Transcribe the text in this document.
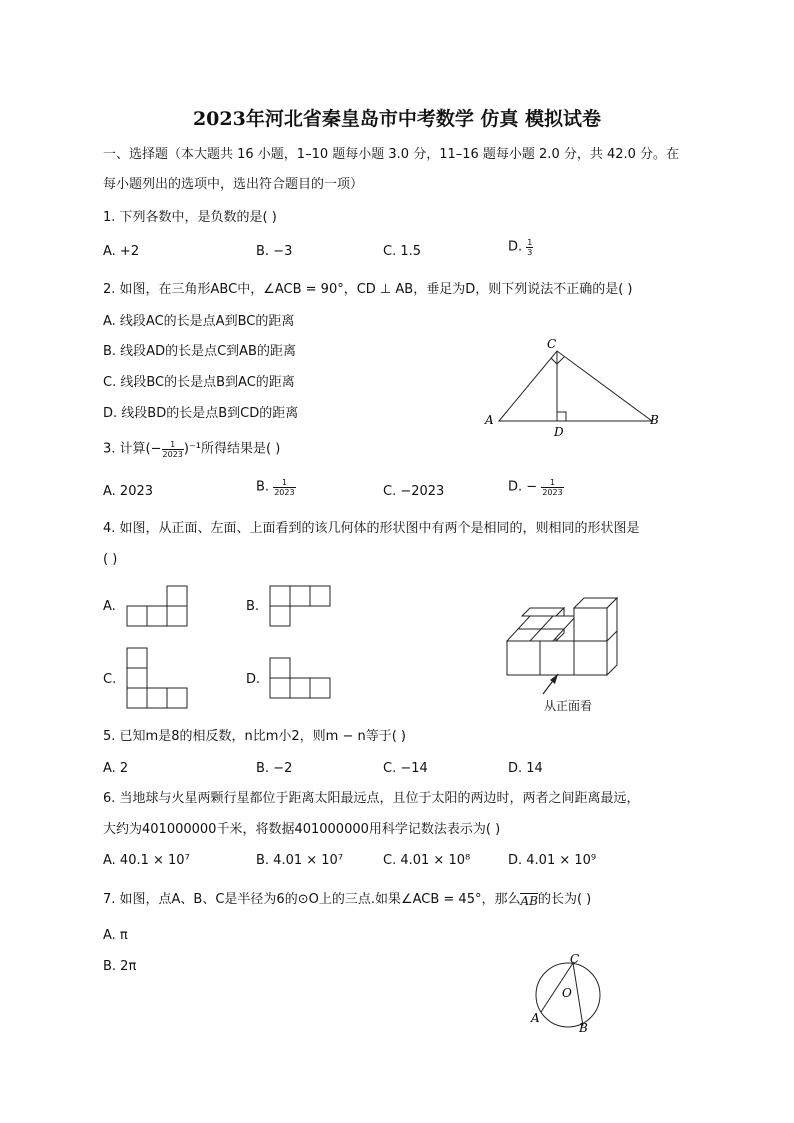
2023年河北省秦皇岛市中考数学 仿真 模拟试卷
一、选择题（本大题共 16 小题，1–10 题每小题 3.0 分，11–16 题每小题 2.0 分，共 42.0 分。在
每小题列出的选项中，选出符合题目的一项）
1. 下列各数中，是负数的是( )
A. +2	B. −3	C. 1.5	D. $\frac{1}{3}$
2. 如图，在三角形ABC中，∠ACB = 90°，CD ⊥ AB，垂足为D，则下列说法不正确的是( )
A. 线段AC的长是点A到BC的距离
B. 线段AD的长是点C到AB的距离
C. 线段BC的长是点B到AC的距离
D. 线段BD的长是点B到CD的距离
C
A	B
D
3. 计算(− $\frac{1}{2023} )^{-1}$所得结果是( )
A. 2023	B. $\frac{1}{2023}$	C. −2023	D. − $\frac{1}{2023}$
4. 如图，从正面、左面、上面看到的该几何体的形状图中有两个是相同的，则相同的形状图是
( )
A.	B.
C.	D.
从正面看
5. 已知m是8的相反数，n比m小2，则m − n等于( )
A. 2	B. −2	C. −14	D. 14
6. 当地球与火星两颗行星都位于距离太阳最远点，且位于太阳的两边时，两者之间距离最远，
大约为401000000千米，将数据401000000用科学记数法表示为( )
A. 40.1 × 10⁷	B. 4.01 × 10⁷	C. 4.01 × 10⁸	D. 4.01 × 10⁹
7. 如图，点A、B、C是半径为6的⊙O上的三点.如果∠ACB = 45°，那么AB的长为( )
A. π
B. 2π	C
O
A
B
